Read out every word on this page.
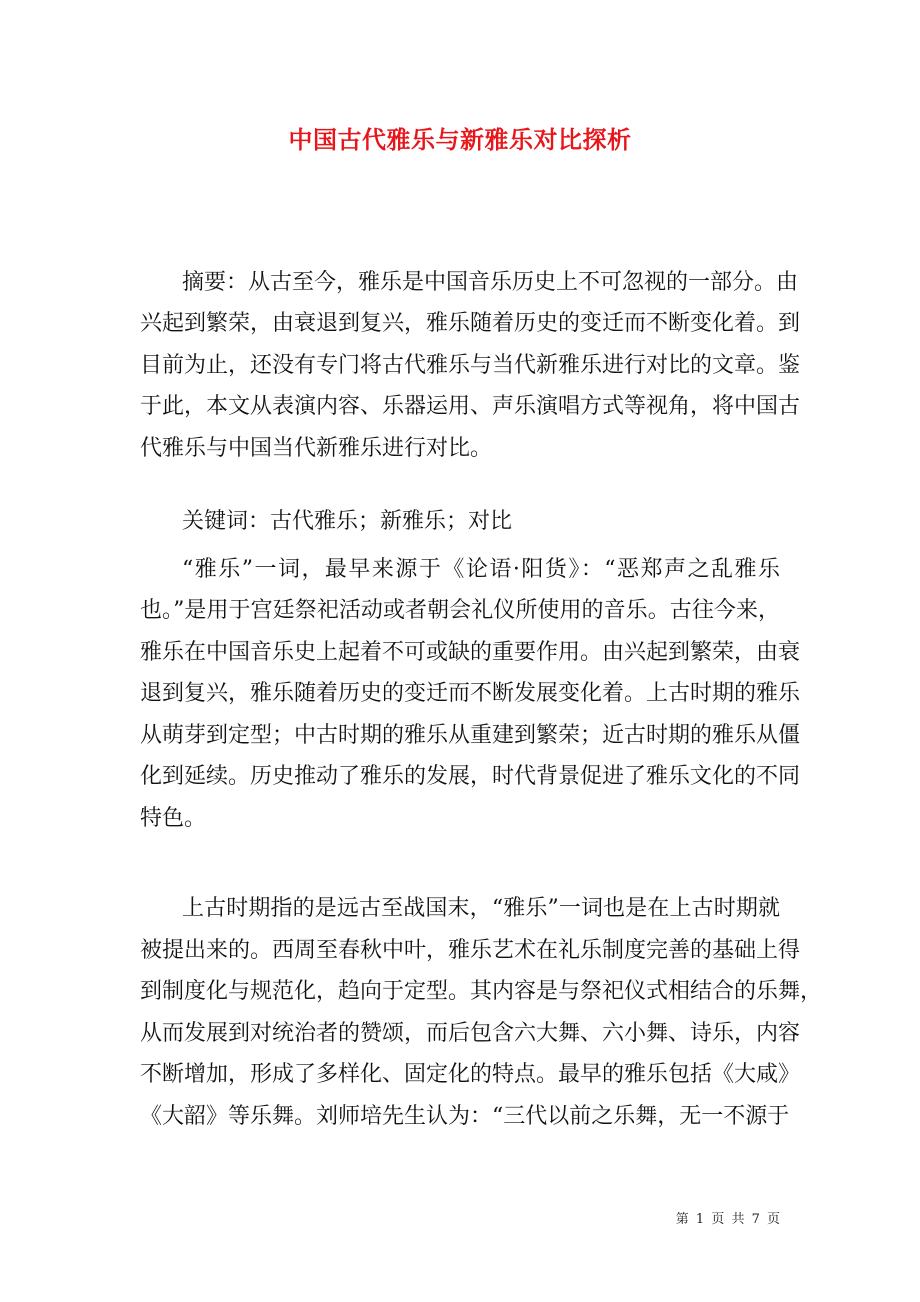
中国古代雅乐与新雅乐对比探析
摘要：从古至今，雅乐是中国音乐历史上不可忽视的一部分。由
兴起到繁荣，由衰退到复兴，雅乐随着历史的变迁而不断变化着。到
目前为止，还没有专门将古代雅乐与当代新雅乐进行对比的文章。鉴
于此，本文从表演内容、乐器运用、声乐演唱方式等视角，将中国古
代雅乐与中国当代新雅乐进行对比。
关键词：古代雅乐；新雅乐；对比
“雅乐”一词，最早来源于《论语·阳货》：“恶郑声之乱雅乐
也。”是用于宫廷祭祀活动或者朝会礼仪所使用的音乐。古往今来，
雅乐在中国音乐史上起着不可或缺的重要作用。由兴起到繁荣，由衰
退到复兴，雅乐随着历史的变迁而不断发展变化着。上古时期的雅乐
从萌芽到定型；中古时期的雅乐从重建到繁荣；近古时期的雅乐从僵
化到延续。历史推动了雅乐的发展，时代背景促进了雅乐文化的不同
特色。
上古时期指的是远古至战国末，“雅乐”一词也是在上古时期就
被提出来的。西周至春秋中叶，雅乐艺术在礼乐制度完善的基础上得
到制度化与规范化，趋向于定型。其内容是与祭祀仪式相结合的乐舞，
从而发展到对统治者的赞颂，而后包含六大舞、六小舞、诗乐，内容
不断增加，形成了多样化、固定化的特点。最早的雅乐包括《大咸》
《大韶》等乐舞。刘师培先生认为：“三代以前之乐舞，无一不源于
第 1 页 共 7 页
